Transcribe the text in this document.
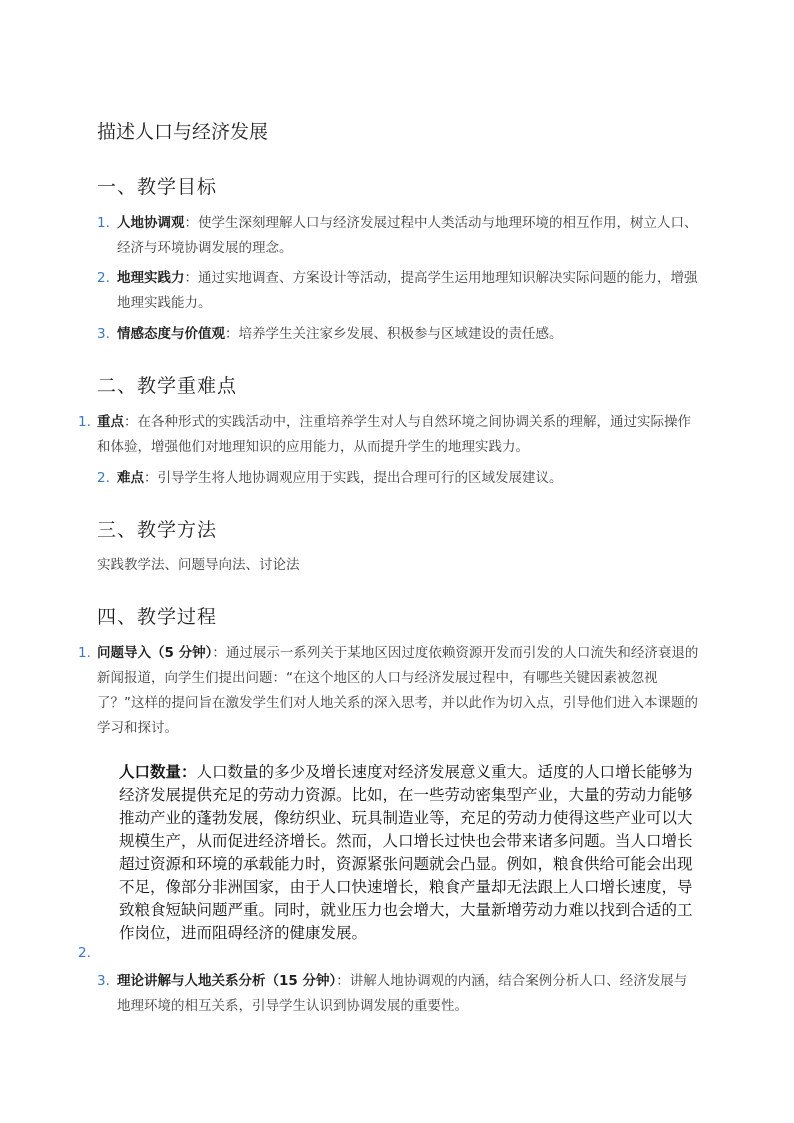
描述人口与经济发展
一、教学目标
1. 人地协调观：使学生深刻理解人口与经济发展过程中人类活动与地理环境的相互作用，树立人口、经济与环境协调发展的理念。
2. 地理实践力：通过实地调查、方案设计等活动，提高学生运用地理知识解决实际问题的能力，增强地理实践能力。
3. 情感态度与价值观：培养学生关注家乡发展、积极参与区域建设的责任感。
二、教学重难点
1. 重点：在各种形式的实践活动中，注重培养学生对人与自然环境之间协调关系的理解，通过实际操作和体验，增强他们对地理知识的应用能力，从而提升学生的地理实践力。
2. 难点：引导学生将人地协调观应用于实践，提出合理可行的区域发展建议。
三、教学方法
实践教学法、问题导向法、讨论法
四、教学过程
1. 问题导入（5 分钟）：通过展示一系列关于某地区因过度依赖资源开发而引发的人口流失和经济衰退的新闻报道，向学生们提出问题：“在这个地区的人口与经济发展过程中，有哪些关键因素被忽视了？”这样的提问旨在激发学生们对人地关系的深入思考，并以此作为切入点，引导他们进入本课题的学习和探讨。
人口数量：人口数量的多少及增长速度对经济发展意义重大。适度的人口增长能够为经济发展提供充足的劳动力资源。比如，在一些劳动密集型产业，大量的劳动力能够推动产业的蓬勃发展，像纺织业、玩具制造业等，充足的劳动力使得这些产业可以大规模生产，从而促进经济增长。然而，人口增长过快也会带来诸多问题。当人口增长超过资源和环境的承载能力时，资源紧张问题就会凸显。例如，粮食供给可能会出现不足，像部分非洲国家，由于人口快速增长，粮食产量却无法跟上人口增长速度，导致粮食短缺问题严重。同时，就业压力也会增大，大量新增劳动力难以找到合适的工作岗位，进而阻碍经济的健康发展。
2.
3. 理论讲解与人地关系分析（15 分钟）：讲解人地协调观的内涵，结合案例分析人口、经济发展与地理环境的相互关系，引导学生认识到协调发展的重要性。
